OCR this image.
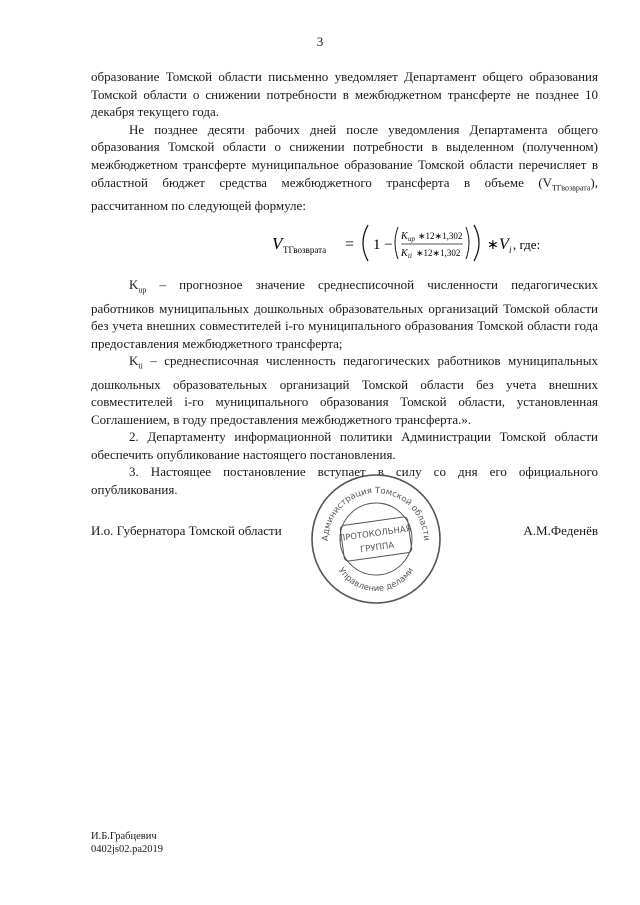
3

образование Томской области письменно уведомляет Департамент общего образования Томской области о снижении потребности в межбюджетном трансферте не позднее 10 декабря текущего года.

Не позднее десяти рабочих дней после уведомления Департамента общего образования Томской области о снижении потребности в выделенном (полученном) межбюджетном трансферте муниципальное образование Томской области перечисляет в областной бюджет средства межбюджетного трансферта в объеме $(V_{ТГвозврата})$, рассчитанном по следующей формуле:

V ТГвозврата = 1 −
K up ∗12∗1,302
K ti ∗12∗1,302 ∗ V i , где:

$K_{up}$ – прогнозное значение среднесписочной численности педагогических работников муниципальных дошкольных образовательных организаций Томской области без учета внешних совместителей i-го муниципального образования Томской области года предоставления межбюджетного трансферта;

$K_{ti}$ – среднесписочная численность педагогических работников муниципальных дошкольных образовательных организаций Томской области без учета внешних совместителей i-го муниципального образования Томской области, установленная Соглашением, в году предоставления межбюджетного трансферта.».

2. Департаменту информационной политики Администрации Томской области обеспечить опубликование настоящего постановления.

3. Настоящее постановление вступает в силу со дня его официального опубликования.

И.о. Губернатора Томской области	А.М.Феденёв
Администрация Томской области
Управление делами
ПРОТОКОЛЬНАЯ
ГРУППА
И.Б.Грабцевич
0402js02.pa2019
